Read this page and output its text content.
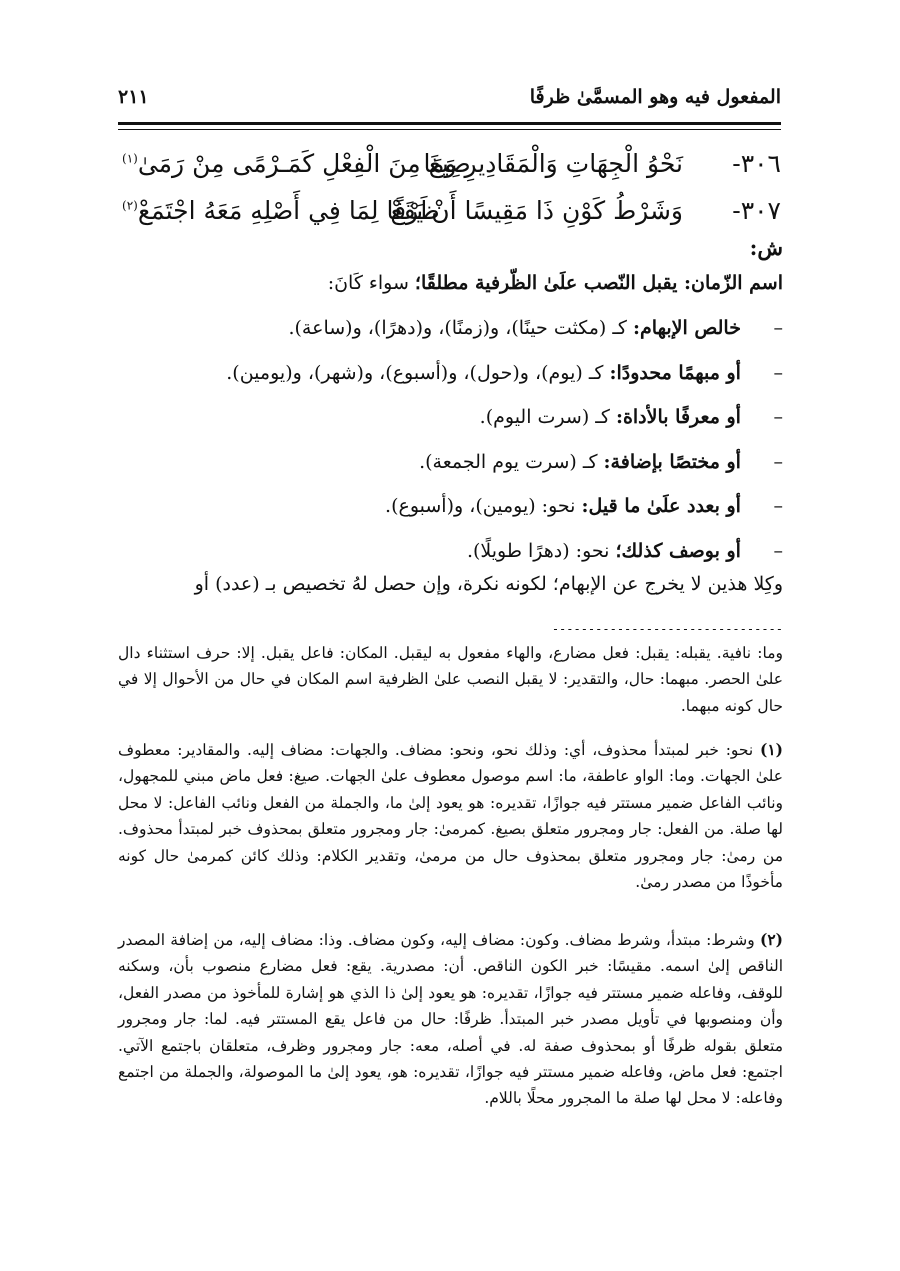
المفعول فيه وهو المسمَّىٰ ظرفًا
٢١١
٣٠٦-
نَحْوُ الْجِهَاتِ وَالْمَقَادِيرِ وَمَا
صِيغَ مِنَ الْفِعْلِ كَمَـرْمًى مِنْ رَمَىٰ$^{(١)}$
٣٠٧-
وَشَرْطُ كَوْنِ ذَا مَقِيسًا أَنْ يَقَعْ
ظَرْفًا لِمَا فِي أَصْلِهِ مَعَهُ اجْتَمَعْ$^{(٢)}$
ش:
اسم الزّمان: يقبل النّصب علَىٰ الظّرفية مطلقًا؛ سواء كَانَ:
– خالص الإبهام: كـ (مكثت حينًا)، و(زمنًا)، و(دهرًا)، و(ساعة).
– أو مبهمًا محدودًا: كـ (يوم)، و(حول)، و(أسبوع)، و(شهر)، و(يومين).
– أو معرفًا بالأداة: كـ (سرت اليوم).
– أو مختصًا بإضافة: كـ (سرت يوم الجمعة).
– أو بعدد علَىٰ ما قيل: نحو: (يومين)، و(أسبوع).
– أو بوصف كذلك؛ نحو: (دهرًا طويلًا).
وكِلا هذين لا يخرج عن الإبهام؛ لكونه نكرة، وإن حصل لهُ تخصيص بـ (عدد) أو
--------------------------------
وما: نافية. يقبله: يقبل: فعل مضارع، والهاء مفعول به ليقبل. المكان: فاعل يقبل. إلا: حرف استثناء دال علىٰ الحصر. مبهما: حال، والتقدير: لا يقبل النصب علىٰ الظرفية اسم المكان في حال من الأحوال إلا في حال كونه مبهما.
(١) نحو: خبر لمبتدأ محذوف، أي: وذلك نحو، ونحو: مضاف. والجهات: مضاف إليه. والمقادير: معطوف علىٰ الجهات. وما: الواو عاطفة، ما: اسم موصول معطوف علىٰ الجهات. صيغ: فعل ماض مبني للمجهول، ونائب الفاعل ضمير مستتر فيه جوازًا، تقديره: هو يعود إلىٰ ما، والجملة من الفعل ونائب الفاعل: لا محل لها صلة. من الفعل: جار ومجرور متعلق بصيغ. كمرمىٰ: جار ومجرور متعلق بمحذوف خبر لمبتدأ محذوف. من رمىٰ: جار ومجرور متعلق بمحذوف حال من مرمىٰ، وتقدير الكلام: وذلك كائن كمرمىٰ حال كونه مأخوذًا من مصدر رمىٰ.
(٢) وشرط: مبتدأ، وشرط مضاف. وكون: مضاف إليه، وكون مضاف. وذا: مضاف إليه، من إضافة المصدر الناقص إلىٰ اسمه. مقيسًا: خبر الكون الناقص. أن: مصدرية. يقع: فعل مضارع منصوب بأن، وسكنه للوقف، وفاعله ضمير مستتر فيه جوازًا، تقديره: هو يعود إلىٰ ذا الذي هو إشارة للمأخوذ من مصدر الفعل، وأن ومنصوبها في تأويل مصدر خبر المبتدأ. ظرفًا: حال من فاعل يقع المستتر فيه. لما: جار ومجرور متعلق بقوله ظرفًا أو بمحذوف صفة له. في أصله، معه: جار ومجرور وظرف، متعلقان باجتمع الآتي. اجتمع: فعل ماض، وفاعله ضمير مستتر فيه جوازًا، تقديره: هو، يعود إلىٰ ما الموصولة، والجملة من اجتمع وفاعله: لا محل لها صلة ما المجرور محلًا باللام.
